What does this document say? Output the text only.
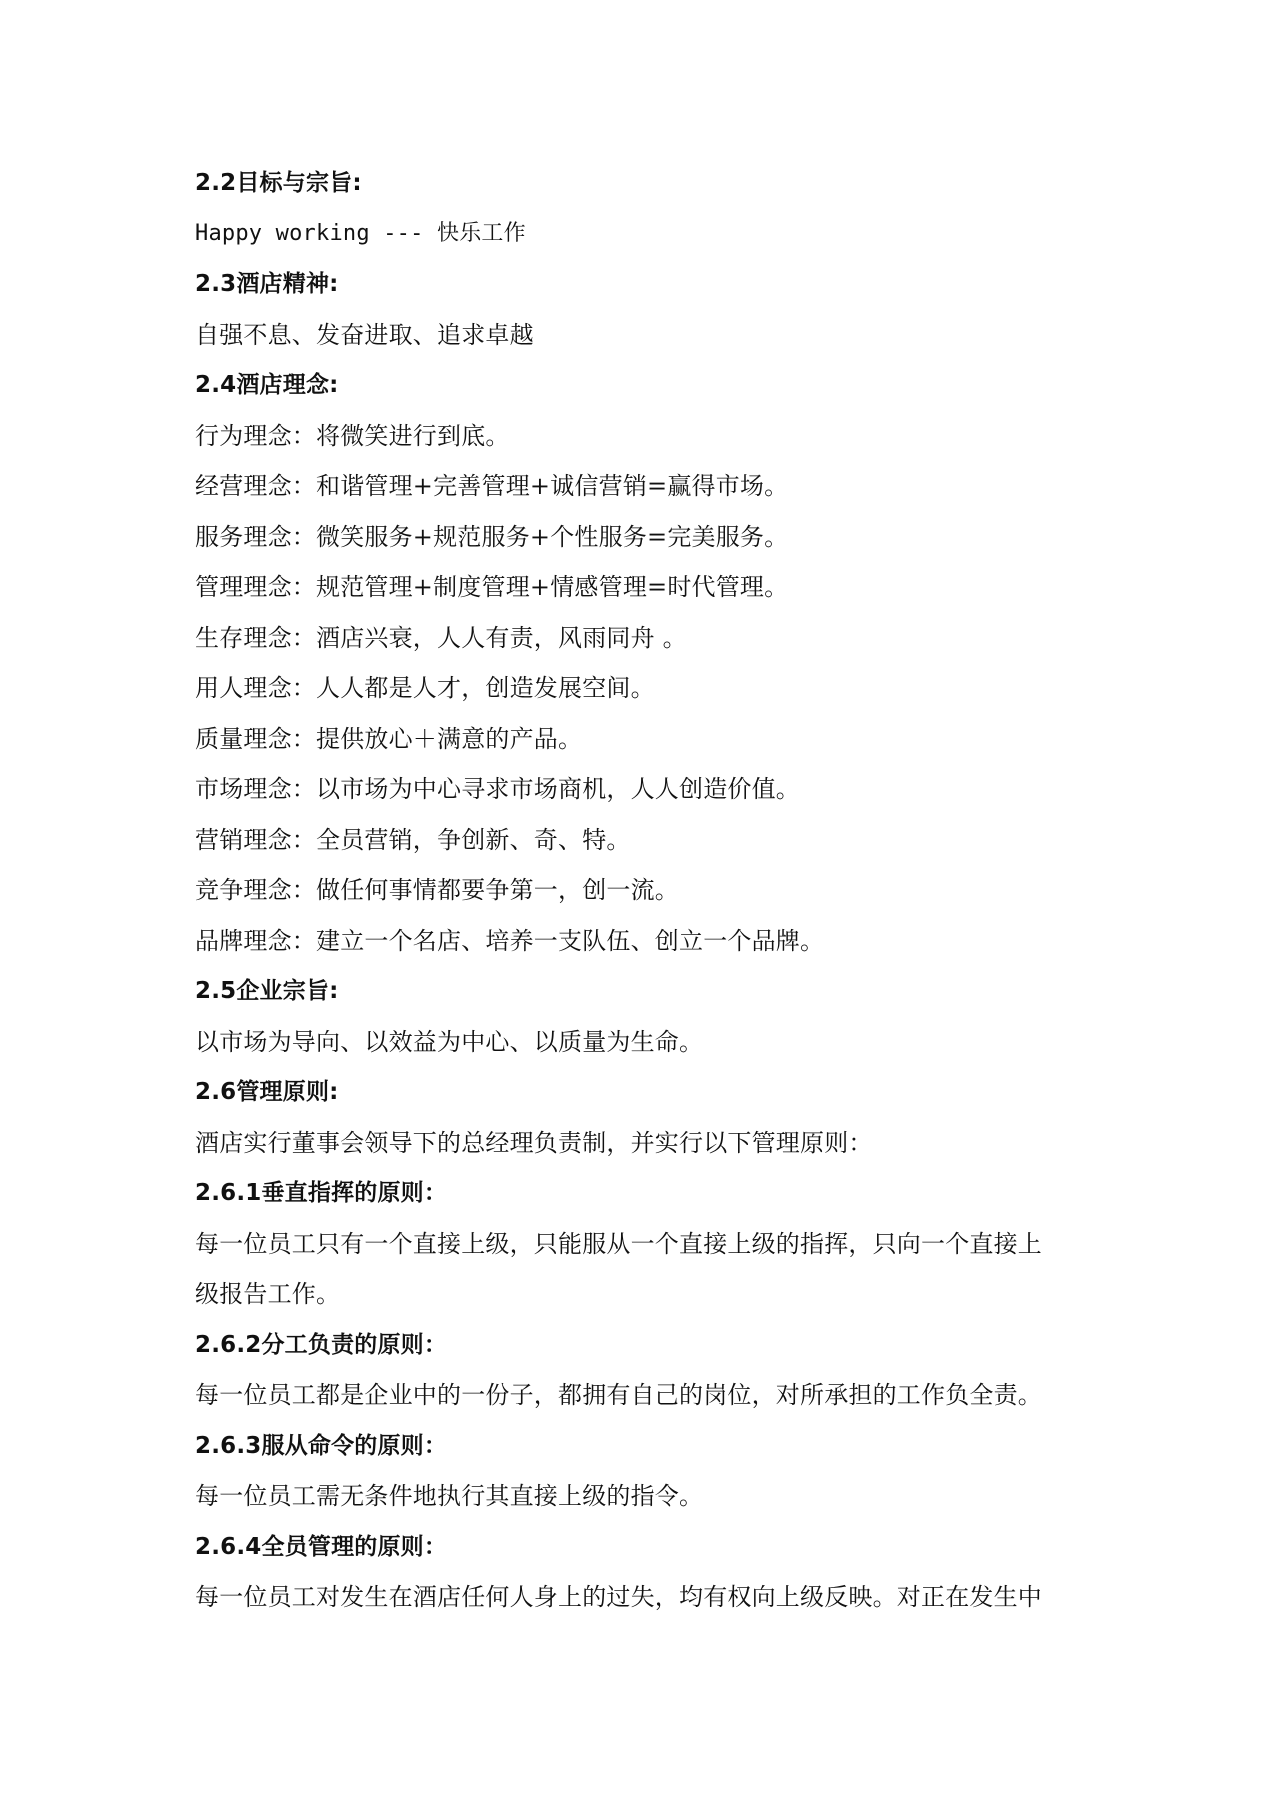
2.2目标与宗旨:

Happy working --- 快乐工作

2.3酒店精神:

自强不息、发奋进取、追求卓越

2.4酒店理念:

行为理念：将微笑进行到底。

经营理念：和谐管理+完善管理+诚信营销=赢得市场。

服务理念：微笑服务+规范服务+个性服务=完美服务。

管理理念：规范管理+制度管理+情感管理=时代管理。

生存理念：酒店兴衰，人人有责，风雨同舟 。

用人理念：人人都是人才，创造发展空间。

质量理念：提供放心＋满意的产品。

市场理念：以市场为中心寻求市场商机，人人创造价值。

营销理念：全员营销，争创新、奇、特。

竞争理念：做任何事情都要争第一，创一流。

品牌理念：建立一个名店、培养一支队伍、创立一个品牌。

2.5企业宗旨:

以市场为导向、以效益为中心、以质量为生命。

2.6管理原则:

酒店实行董事会领导下的总经理负责制，并实行以下管理原则：

2.6.1垂直指挥的原则：

每一位员工只有一个直接上级，只能服从一个直接上级的指挥，只向一个直接上

级报告工作。

2.6.2分工负责的原则：

每一位员工都是企业中的一份子，都拥有自己的岗位，对所承担的工作负全责。

2.6.3服从命令的原则：

每一位员工需无条件地执行其直接上级的指令。

2.6.4全员管理的原则：

每一位员工对发生在酒店任何人身上的过失，均有权向上级反映。对正在发生中
